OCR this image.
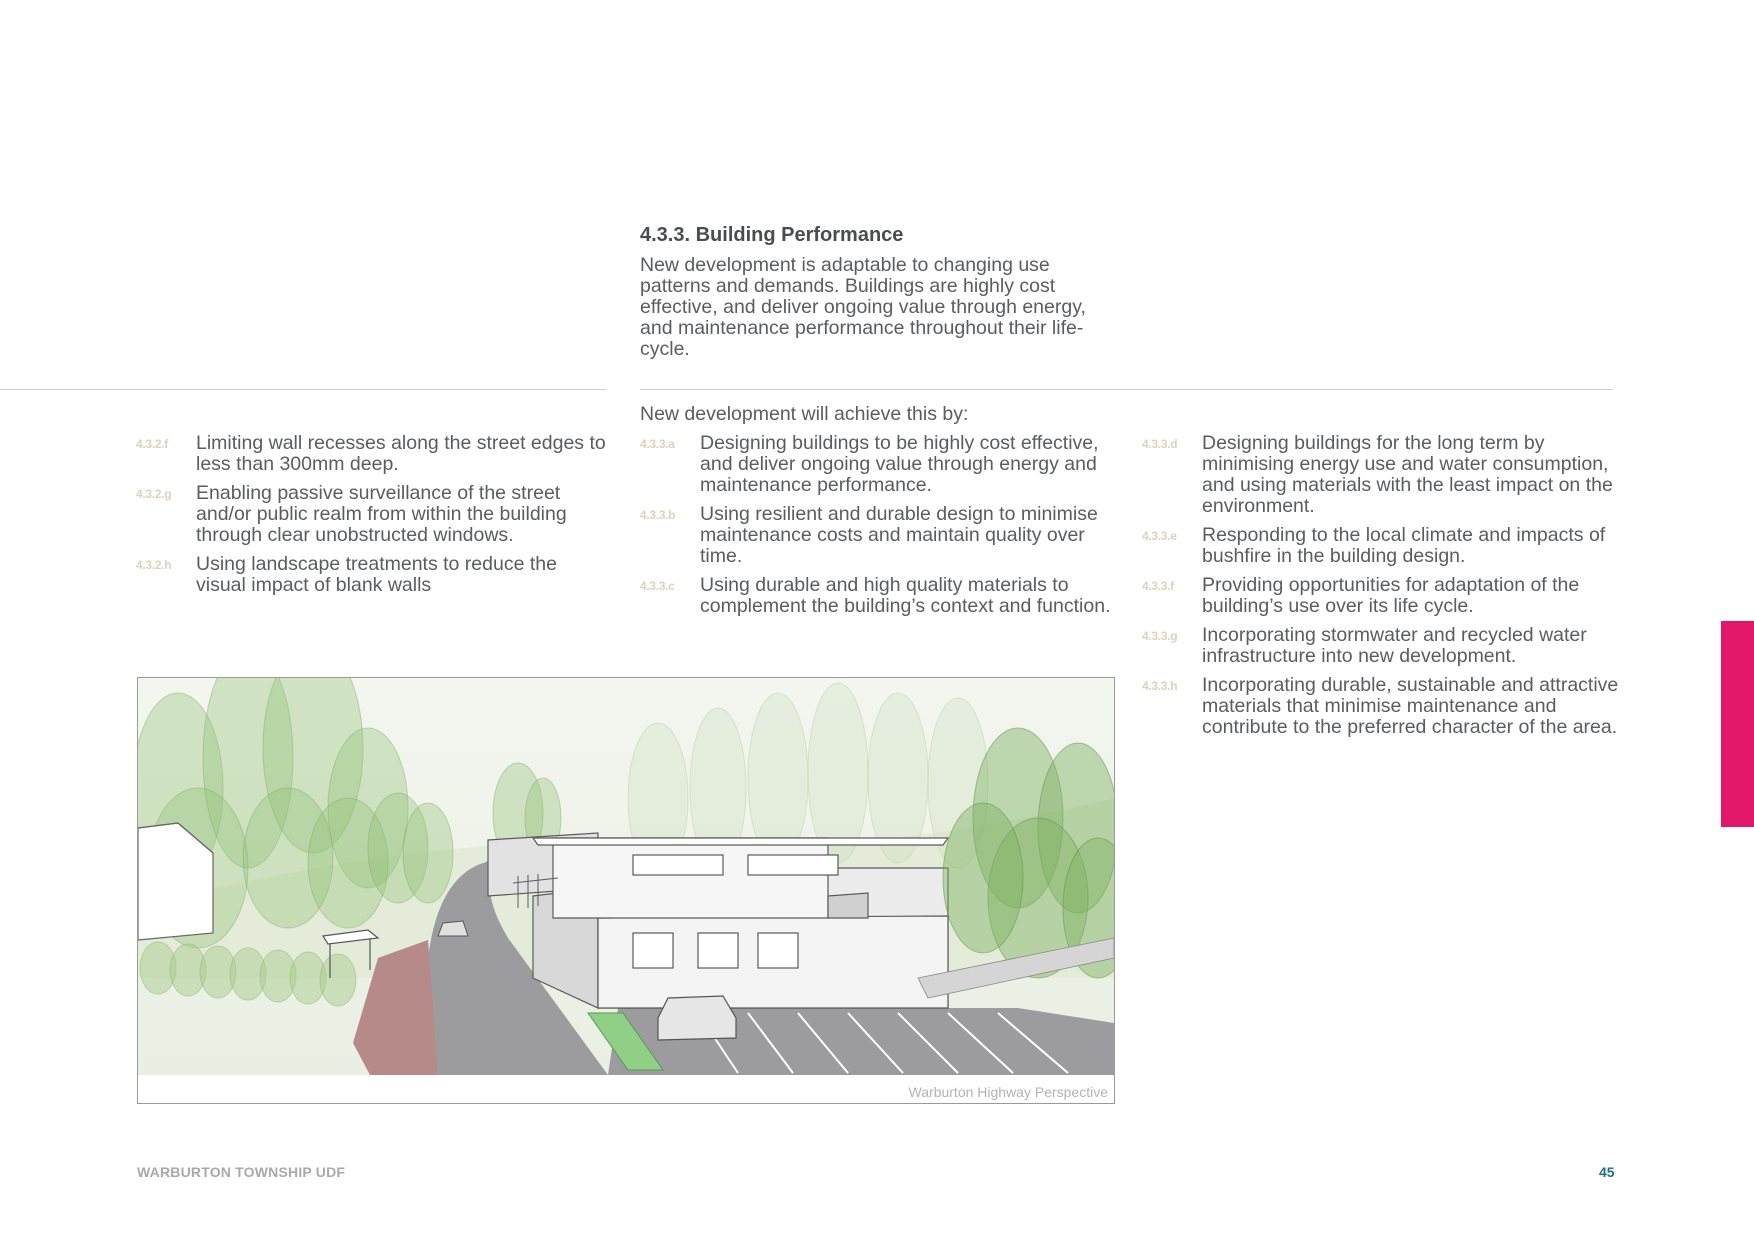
4.3.3. Building Performance
New development is adaptable to changing use patterns and demands. Buildings are highly cost effective, and deliver ongoing value through energy, and maintenance performance throughout their life-cycle.
New development will achieve this by:
4.3.2.f	Limiting wall recesses along the street edges to less than 300mm deep.
4.3.2.g	Enabling passive surveillance of the street and/or public realm from within the building through clear unobstructed windows.
4.3.2.h	Using landscape treatments to reduce the visual impact of blank walls
4.3.3.a	Designing buildings to be highly cost effective, and deliver ongoing value through energy and maintenance performance.
4.3.3.b	Using resilient and durable design to minimise maintenance costs and maintain quality over time.
4.3.3.c	Using durable and high quality materials to complement the building’s context and function.
4.3.3.d	Designing buildings for the long term by minimising energy use and water consumption, and using materials with the least impact on the environment.
4.3.3.e	Responding to the local climate and impacts of bushfire in the building design.
4.3.3.f	Providing opportunities for adaptation of the building’s use over its life cycle.
4.3.3.g	Incorporating stormwater and recycled water infrastructure into new development.
4.3.3.h	Incorporating durable, sustainable and attractive materials that minimise maintenance and contribute to the preferred character of the area.
Warburton Highway Perspective
WARBURTON TOWNSHIP UDF	45
